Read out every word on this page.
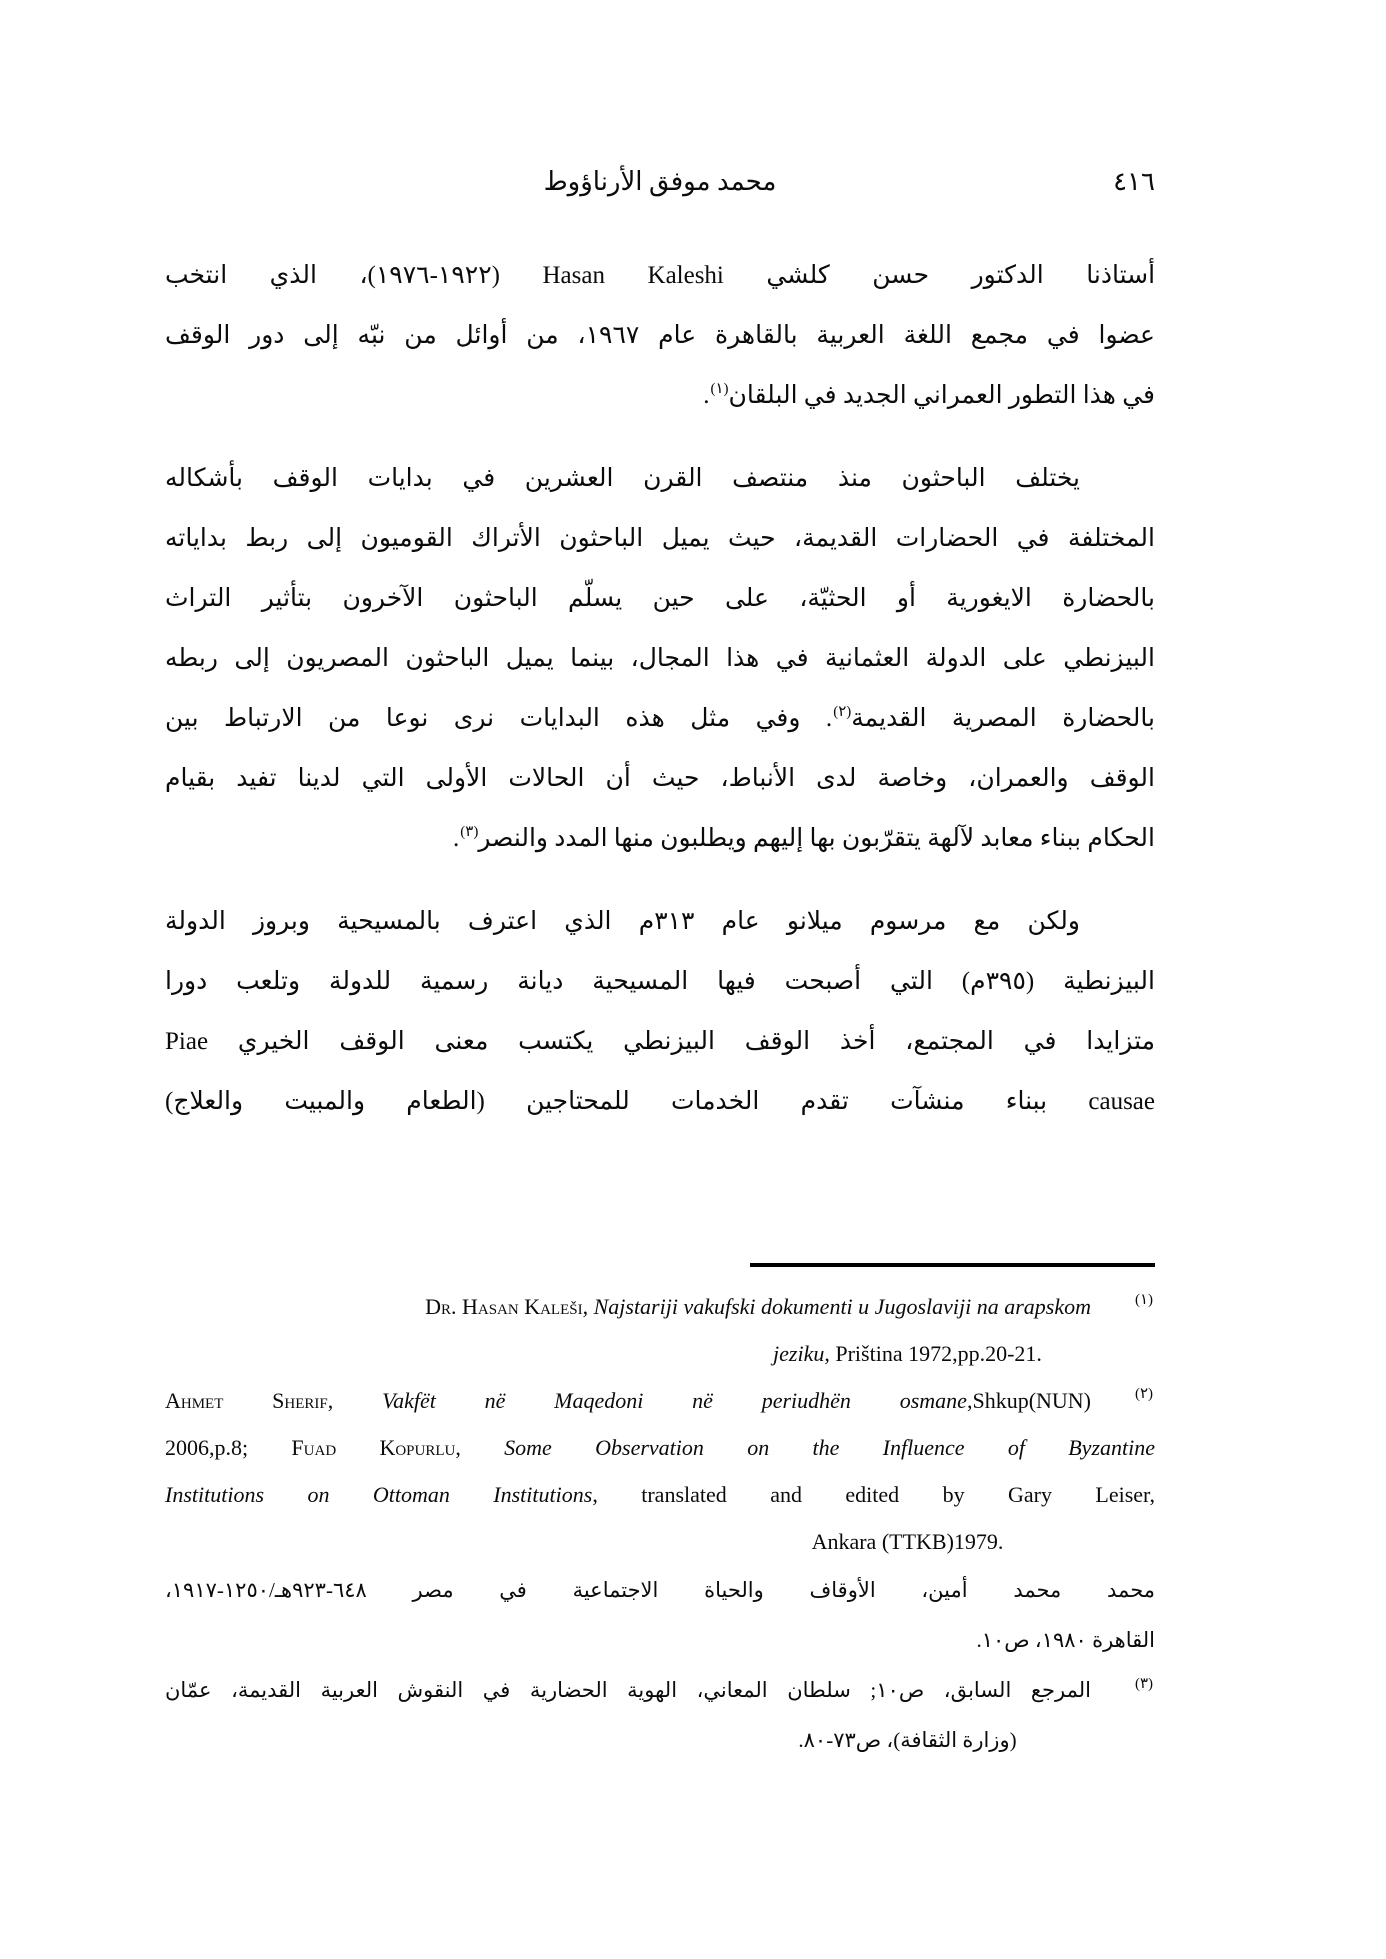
محمد موفق الأرناؤوط	٤١٦
أستاذنا الدكتور حسن كلشي Hasan Kaleshi (١٩٢٢-١٩٧٦)، الذي انتخب
عضوا في مجمع اللغة العربية بالقاهرة عام ١٩٦٧، من أوائل من نبّه إلى دور الوقف
في هذا التطور العمراني الجديد في البلقان$^{(١)}$.
يختلف الباحثون منذ منتصف القرن العشرين في بدايات الوقف بأشكاله
المختلفة في الحضارات القديمة، حيث يميل الباحثون الأتراك القوميون إلى ربط بداياته
بالحضارة الايغورية أو الحثيّة، على حين يسلّم الباحثون الآخرون بتأثير التراث
البيزنطي على الدولة العثمانية في هذا المجال، بينما يميل الباحثون المصريون إلى ربطه
بالحضارة المصرية القديمة$^{(٢)}$. وفي مثل هذه البدايات نرى نوعا من الارتباط بين
الوقف والعمران، وخاصة لدى الأنباط، حيث أن الحالات الأولى التي لدينا تفيد بقيام
الحكام ببناء معابد لآلهة يتقرّبون بها إليهم ويطلبون منها المدد والنصر$^{(٣)}$.
ولكن مع مرسوم ميلانو عام ٣١٣م الذي اعترف بالمسيحية وبروز الدولة
البيزنطية (٣٩٥م) التي أصبحت فيها المسيحية ديانة رسمية للدولة وتلعب دورا
متزايدا في المجتمع، أخذ الوقف البيزنطي يكتسب معنى الوقف الخيري Piae
causae ببناء منشآت تقدم الخدمات للمحتاجين (الطعام والمبيت والعلاج)
Dr. Hasan Kaleši, Najstariji vakufski dokumenti u Jugoslaviji na arapskom	(١)
jeziku, Priština 1972,pp.20-21.
Ahmet Sherif, Vakfët në Maqedoni në periudhën osmane,Shkup(NUN)	(٢)
2006,p.8; Fuad Kopurlu, Some Observation on the Influence of Byzantine
Institutions on Ottoman Institutions, translated and edited by Gary Leiser,
Ankara (TTKB)1979.
محمد محمد أمين، الأوقاف والحياة الاجتماعية في مصر ٦٤٨-٩٢٣هـ/١٢٥٠-١٩١٧،
القاهرة ١٩٨٠، ص١٠.
المرجع السابق، ص١٠; سلطان المعاني، الهوية الحضارية في النقوش العربية القديمة، عمّان	(٣)
(وزارة الثقافة)، ص٧٣-٨٠.
